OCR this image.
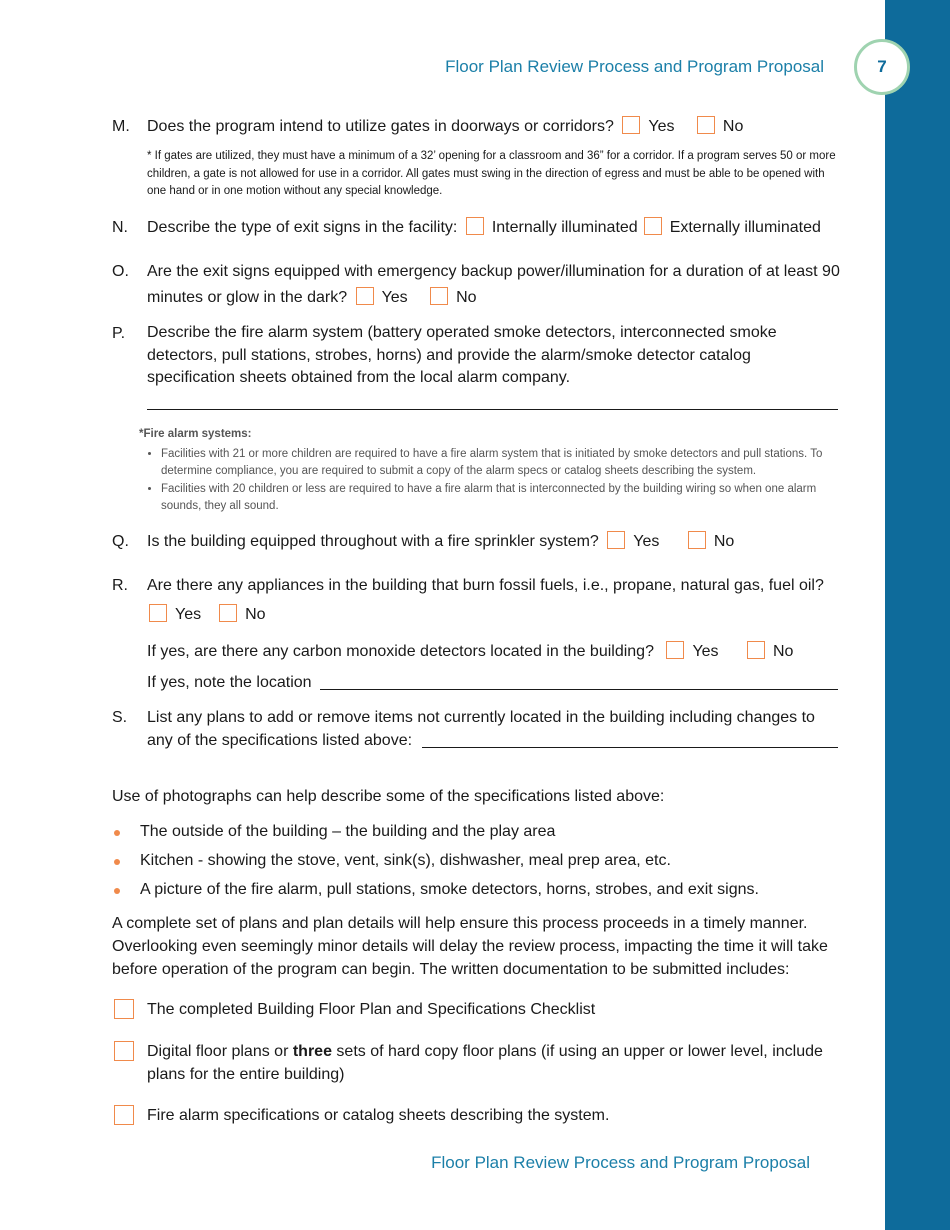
7
Floor Plan Review Process and Program Proposal
M. Does the program intend to utilize gates in doorways or corridors? Yes	No
* If gates are utilized, they must have a minimum of a 32’ opening for a classroom and 36” for a corridor. If a program serves 50 or more children, a gate is not allowed for use in a corridor. All gates must swing in the direction of egress and must be able to be opened with one hand or in one motion without any special knowledge.
N. Describe the type of exit signs in the facility: Internally illuminated Externally illuminated
O. Are the exit signs equipped with emergency backup power/illumination for a duration of at least 90 minutes or glow in the dark? Yes	No
P. Describe the fire alarm system (battery operated smoke detectors, interconnected smoke detectors, pull stations, strobes, horns) and provide the alarm/smoke detector catalog specification sheets obtained from the local alarm company.
*Fire alarm systems:
• Facilities with 21 or more children are required to have a fire alarm system that is initiated by smoke detectors and pull stations. To determine compliance, you are required to submit a copy of the alarm specs or catalog sheets describing the system.
• Facilities with 20 children or less are required to have a fire alarm that is interconnected by the building wiring so when one alarm sounds, they all sound.
Q. Is the building equipped throughout with a fire sprinkler system? Yes	No
R. Are there any appliances in the building that burn fossil fuels, i.e., propane, natural gas, fuel oil?
Yes	No
If yes, are there any carbon monoxide detectors located in the building? Yes	No
If yes, note the location
S. List any plans to add or remove items not currently located in the building including changes to any of the specifications listed above:
Use of photographs can help describe some of the specifications listed above:
The outside of the building – the building and the play area
Kitchen - showing the stove, vent, sink(s), dishwasher, meal prep area, etc.
A picture of the fire alarm, pull stations, smoke detectors, horns, strobes, and exit signs.
A complete set of plans and plan details will help ensure this process proceeds in a timely manner. Overlooking even seemingly minor details will delay the review process, impacting the time it will take before operation of the program can begin. The written documentation to be submitted includes:
The completed Building Floor Plan and Specifications Checklist
Digital floor plans or three sets of hard copy floor plans (if using an upper or lower level, include plans for the entire building)
Fire alarm specifications or catalog sheets describing the system.
Floor Plan Review Process and Program Proposal
